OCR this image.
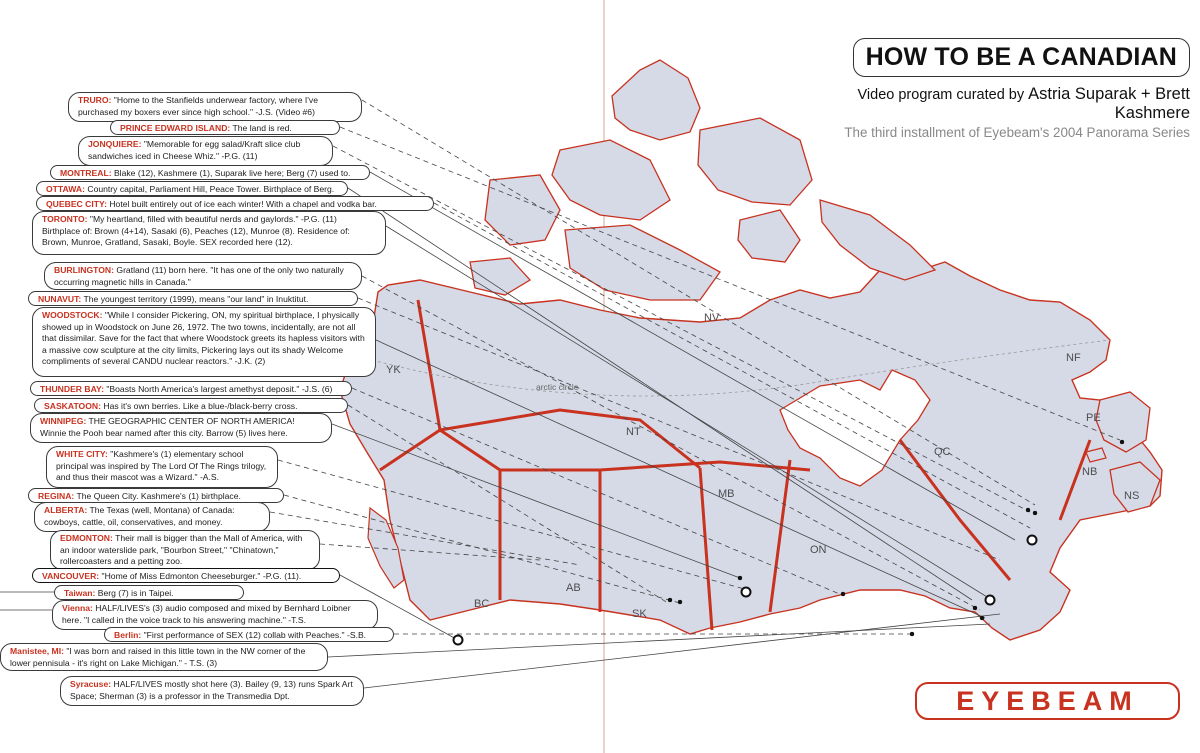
HOW TO BE A CANADIAN
Video program curated by Astria Suparak + Brett Kashmere
The third installment of Eyebeam's 2004 Panorama Series
TRURO: "Home to the Stanfields underwear factory, where I've purchased my boxers ever since high school." -J.S. (Video #6)
PRINCE EDWARD ISLAND: The land is red.
JONQUIERE: "Memorable for egg salad/Kraft slice club sandwiches iced in Cheese Whiz." -P.G. (11)
MONTREAL: Blake (12), Kashmere (1), Suparak live here; Berg (7) used to.
OTTAWA: Country capital, Parliament Hill, Peace Tower. Birthplace of Berg.
QUEBEC CITY: Hotel built entirely out of ice each winter! With a chapel and vodka bar.
TORONTO: "My heartland, filled with beautiful nerds and gaylords." -P.G. (11) Birthplace of: Brown (4+14), Sasaki (6), Peaches (12), Munroe (8). Residence of: Brown, Munroe, Gratland, Sasaki, Boyle. SEX recorded here (12).
BURLINGTON: Gratland (11) born here. "It has one of the only two naturally occurring magnetic hills in Canada."
NUNAVUT: The youngest territory (1999), means "our land" in Inuktitut.
WOODSTOCK: "While I consider Pickering, ON, my spiritual birthplace, I physically showed up in Woodstock on June 26, 1972. The two towns, incidentally, are not all that dissimilar. Save for the fact that where Woodstock greets its hapless visitors with a massive cow sculpture at the city limits, Pickering lays out its shady Welcome compliments of several CANDU nuclear reactors." -J.K. (2)
THUNDER BAY: "Boasts North America's largest amethyst deposit." -J.S. (6)
SASKATOON: Has it's own berries. Like a blue-/black-berry cross.
WINNIPEG: THE GEOGRAPHIC CENTER OF NORTH AMERICA! Winnie the Pooh bear named after this city. Barrow (5) lives here.
WHITE CITY: "Kashmere's (1) elementary school principal was inspired by The Lord Of The Rings trilogy, and thus their mascot was a Wizard." -A.S.
REGINA: The Queen City. Kashmere's (1) birthplace.
ALBERTA: The Texas (well, Montana) of Canada: cowboys, cattle, oil, conservatives, and money.
EDMONTON: Their mall is bigger than the Mall of America, with an indoor waterslide park, "Bourbon Street," "Chinatown," rollercoasters and a petting zoo.
VANCOUVER: "Home of Miss Edmonton Cheeseburger." -P.G. (11).
Taiwan: Berg (7) is in Taipei.
Vienna: HALF/LIVES's (3) audio composed and mixed by Bernhard Loibner here. "I called in the voice track to his answering machine." -T.S.
Berlin: "First performance of SEX (12) collab with Peaches." -S.B.
Manistee, MI: "I was born and raised in this little town in the NW corner of the lower pennisula - it's right on Lake Michigan." - T.S. (3)
Syracuse: HALF/LIVES mostly shot here (3). Bailey (9, 13) runs Spark Art Space; Sherman (3) is a professor in the Transmedia Dpt.
YK
NT
NV
BC
AB
SK
MB
ON
QC
NF
PE
NB
NS
arctic circle
EYEBEAM
